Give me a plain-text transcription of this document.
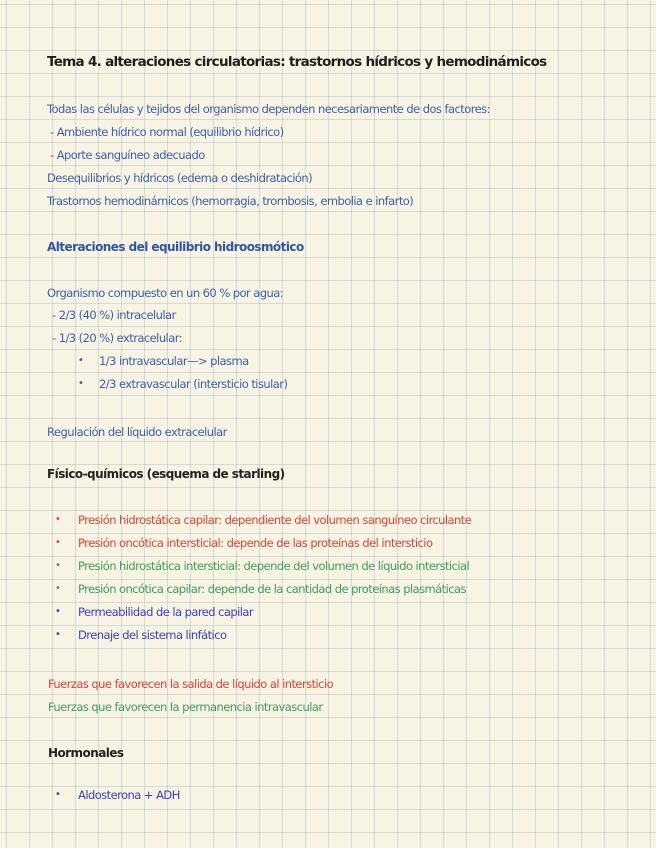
Tema 4. alteraciones circulatorias: trastornos hídricos y hemodinámicos
Todas las células y tejidos del organismo dependen necesariamente de dos factores:
- Ambiente hídrico normal (equilibrio hídrico)
- Aporte sanguíneo adecuado
Desequilibrios y hídricos (edema o deshidratación)
Trastornos hemodinámicos (hemorragia, trombosis, embolia e infarto)
Alteraciones del equilibrio hidroosmótico
Organismo compuesto en un 60 % por agua:
- 2/3 (40 %) intracelular
- 1/3 (20 %) extracelular:
• 1/3 intravascular—> plasma
• 2/3 extravascular (intersticio tisular)
Regulación del líquido extracelular
Físico-químicos (esquema de starling)
• Presión hidrostática capilar: dependiente del volumen sanguíneo circulante
• Presión oncótica intersticial: depende de las proteínas del intersticio
• Presión hidrostática intersticial: depende del volumen de líquido intersticial
• Presión oncótica capilar: depende de la cantidad de proteínas plasmáticas
• Permeabilidad de la pared capilar
• Drenaje del sistema linfático
Fuerzas que favorecen la salida de líquido al intersticio
Fuerzas que favorecen la permanencia intravascular
Hormonales
• Aldosterona + ADH
